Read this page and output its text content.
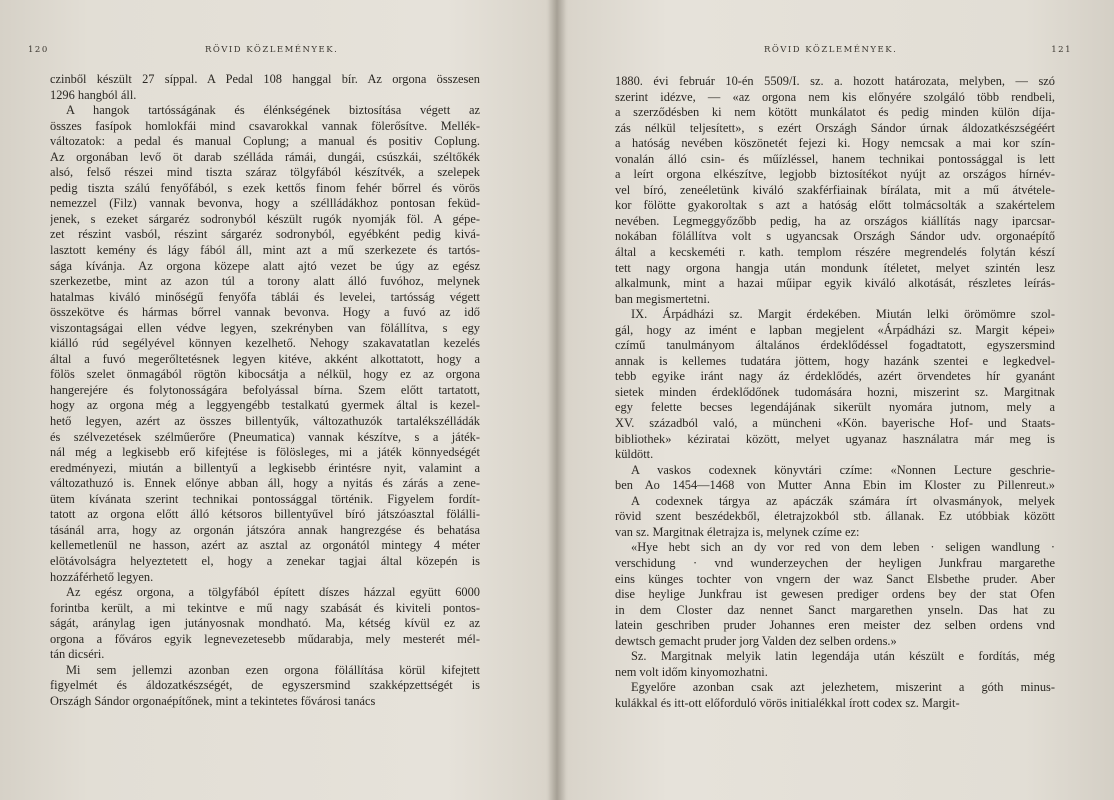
120	RÖVID KÖZLEMÉNYEK.
czinből készült 27 síppal. A Pedal 108 hanggal bír. Az orgona összesen
1296 hangból áll.
A hangok tartósságának és élénkségének biztosítása végett az
összes fasípok homlokfái mind csavarokkal vannak fölerősítve. Mellék-
változatok: a pedal és manual Coplung; a manual és positiv Coplung.
Az orgonában levő öt darab szélláda rámái, dungái, csúszkái, széltőkék
alsó, felső részei mind tiszta száraz tölgyfából készítvék, a szelepek
pedig tiszta szálú fenyőfából, s ezek kettős finom fehér bőrrel és vörös
nemezzel (Filz) vannak bevonva, hogy a széllládákhoz pontosan feküd-
jenek, s ezeket sárgaréz sodronyból készült rugók nyomják föl. A gépe-
zet részint vasból, részint sárgaréz sodronyból, egyébként pedig kivá-
lasztott kemény és lágy fából áll, mint azt a mű szerkezete és tartós-
sága kívánja. Az orgona közepe alatt ajtó vezet be úgy az egész
szerkezetbe, mint az azon túl a torony alatt álló fuvóhoz, melynek
hatalmas kiváló minőségű fenyőfa táblái és levelei, tartósság végett
összekötve és hármas bőrrel vannak bevonva. Hogy a fuvó az idő
viszontagságai ellen védve legyen, szekrényben van fölállítva, s egy
kiálló rúd segélyével könnyen kezelhető. Nehogy szakavatatlan kezelés
által a fuvó megerőltetésnek legyen kitéve, akként alkottatott, hogy a
fölös szelet önmagából rögtön kibocsátja a nélkül, hogy ez az orgona
hangerejére és folytonosságára befolyással bírna. Szem előtt tartatott,
hogy az orgona még a leggyengébb testalkatú gyermek által is kezel-
hető legyen, azért az összes billentyűk, változathuzók tartalékszélládák
és szélvezetések szélműerőre (Pneumatica) vannak készítve, s a játék-
nál még a legkisebb erő kifejtése is fölösleges, mi a játék könnyedségét
eredményezi, miután a billentyű a legkisebb érintésre nyit, valamint a
változathuzó is. Ennek előnye abban áll, hogy a nyitás és zárás a zene-
ütem kívánata szerint technikai pontossággal történik. Figyelem fordít-
tatott az orgona előtt álló kétsoros billentyűvel bíró játszóasztal fölálli-
tásánál arra, hogy az orgonán játszóra annak hangrezgése és behatása
kellemetlenül ne hasson, azért az asztal az orgonától mintegy 4 méter
elötávolságra helyeztetett el, hogy a zenekar tagjai által közepén is
hozzáférhető legyen.
Az egész orgona, a tölgyfából épített díszes házzal együtt 6000
forintba került, a mi tekintve e mű nagy szabását és kiviteli pontos-
ságát, aránylag igen jutányosnak mondható. Ma, kétség kívül ez az
orgona a főváros egyik legnevezetesebb műdarabja, mely mesterét mél-
tán dicséri.
Mi sem jellemzi azonban ezen orgona fölállítása körül kifejtett
figyelmét és áldozatkészségét, de egyszersmind szakképzettségét is
Országh Sándor orgonaépítőnek, mint a tekintetes fővárosi tanács
RÖVID KÖZLEMÉNYEK.	121
1880. évi február 10-én 5509/I. sz. a. hozott határozata, melyben, — szó
szerint idézve, — «az orgona nem kis előnyére szolgáló több rendbeli,
a szerződésben ki nem kötött munkálatot és pedig minden külön díja-
zás nélkül teljesített», s ezért Országh Sándor úrnak áldozatkészségéért
a hatóság nevében köszönetét fejezi ki. Hogy nemcsak a mai kor szín-
vonalán álló csin- és műízléssel, hanem technikai pontossággal is lett
a leírt orgona elkészítve, legjobb biztosítékot nyújt az országos hírnév-
vel bíró, zeneéletünk kiváló szakférfiainak bírálata, mit a mű átvétele-
kor fölötte gyakoroltak s azt a hatóság előtt tolmácsolták a szakértelem
nevében. Legmeggyőzőbb pedig, ha az országos kiállítás nagy iparcsar-
nokában fölállítva volt s ugyancsak Országh Sándor udv. orgonaépítő
által a kecskeméti r. kath. templom részére megrendelés folytán készí
tett nagy orgona hangja után mondunk ítéletet, melyet szintén lesz
alkalmunk, mint a hazai műipar egyik kiváló alkotását, részletes leírás-
ban megismertetni.
IX. Árpádházi sz. Margit érdekében. Miután lelki örömömre szol-
gál, hogy az imént e lapban megjelent «Árpádházi sz. Margit képei»
czímű tanulmányom általános érdeklődéssel fogadtatott, egyszersmind
annak is kellemes tudatára jöttem, hogy hazánk szentei e legkedvel-
tebb egyike iránt nagy áz érdeklődés, azért örvendetes hír gyanánt
sietek minden érdeklődőnek tudomására hozni, miszerint sz. Margitnak
egy felette becses legendájának sikerült nyomára jutnom, mely a
XV. századból való, a müncheni «Kön. bayerische Hof- und Staats-
bibliothek» kéziratai között, melyet ugyanaz használatra már meg is
küldött.
A vaskos codexnek könyvtári czíme: «Nonnen Lecture geschrie-
ben Ao 1454—1468 von Mutter Anna Ebin im Kloster zu Pillenreut.»
A codexnek tárgya az apáczák számára írt olvasmányok, melyek
rövid szent beszédekből, életrajzokból stb. állanak. Ez utóbbiak között
van sz. Margitnak életrajza is, melynek czíme ez:
«Hye hebt sich an dy vor red von dem leben · seligen wandlung ·
verschidung · vnd wunderzeychen der heyligen Junkfrau margarethe
eins künges tochter von vngern der waz Sanct Elsbethe pruder. Aber
dise heylige Junkfrau ist gewesen prediger ordens bey der stat Ofen
in dem Closter daz nennet Sanct margarethen ynseln. Das hat zu
latein geschriben pruder Johannes eren meister dez selben ordens vnd
dewtsch gemacht pruder jorg Valden dez selben ordens.»
Sz. Margitnak melyik latin legendája után készült e fordítás, még
nem volt időm kinyomozhatni.
Egyelőre azonban csak azt jelezhetem, miszerint a góth minus-
kulákkal és itt-ott előforduló vörös initialékkal írott codex sz. Margit-
